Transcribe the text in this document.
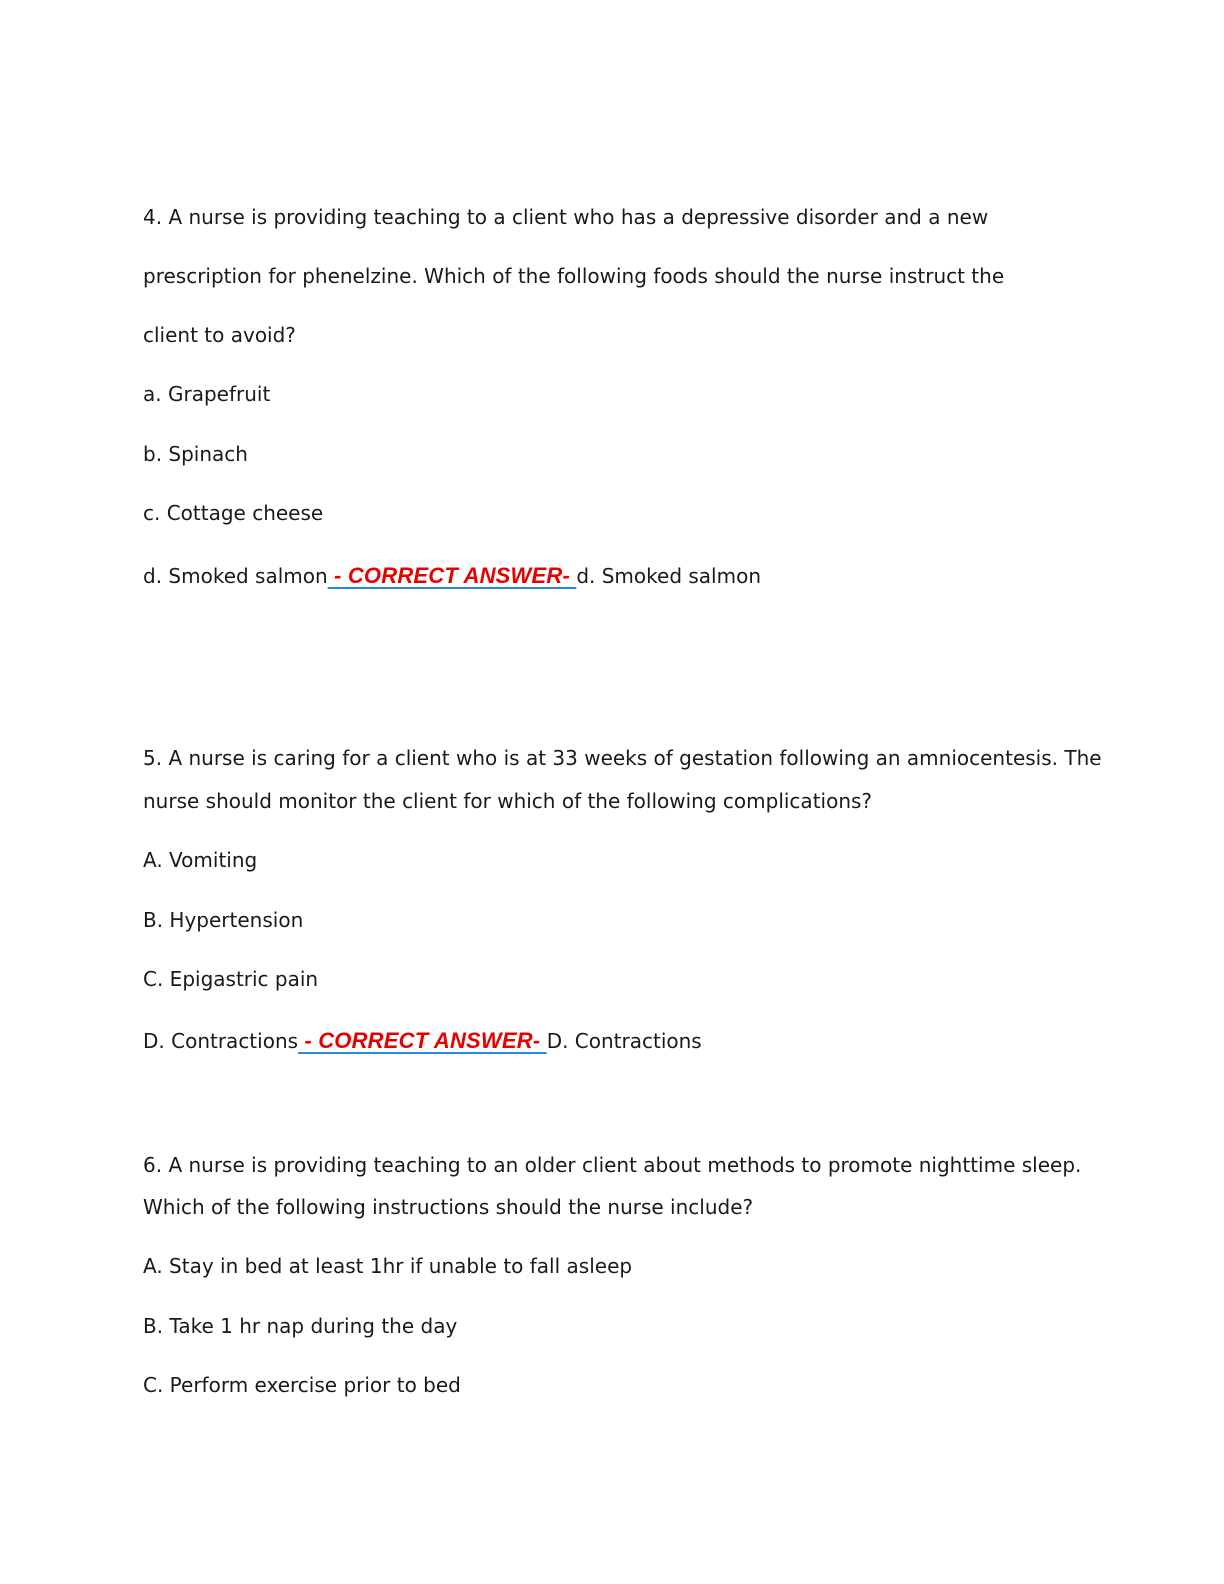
4. A nurse is providing teaching to a client who has a depressive disorder and a new
prescription for phenelzine. Which of the following foods should the nurse instruct the
client to avoid?
a. Grapefruit
b. Spinach
c. Cottage cheese
d. Smoked salmon - CORRECT ANSWER- d. Smoked salmon
5. A nurse is caring for a client who is at 33 weeks of gestation following an amniocentesis. The
nurse should monitor the client for which of the following complications?
A. Vomiting
B. Hypertension
C. Epigastric pain
D. Contractions - CORRECT ANSWER- D. Contractions
6. A nurse is providing teaching to an older client about methods to promote nighttime sleep.
Which of the following instructions should the nurse include?
A. Stay in bed at least 1hr if unable to fall asleep
B. Take 1 hr nap during the day
C. Perform exercise prior to bed
